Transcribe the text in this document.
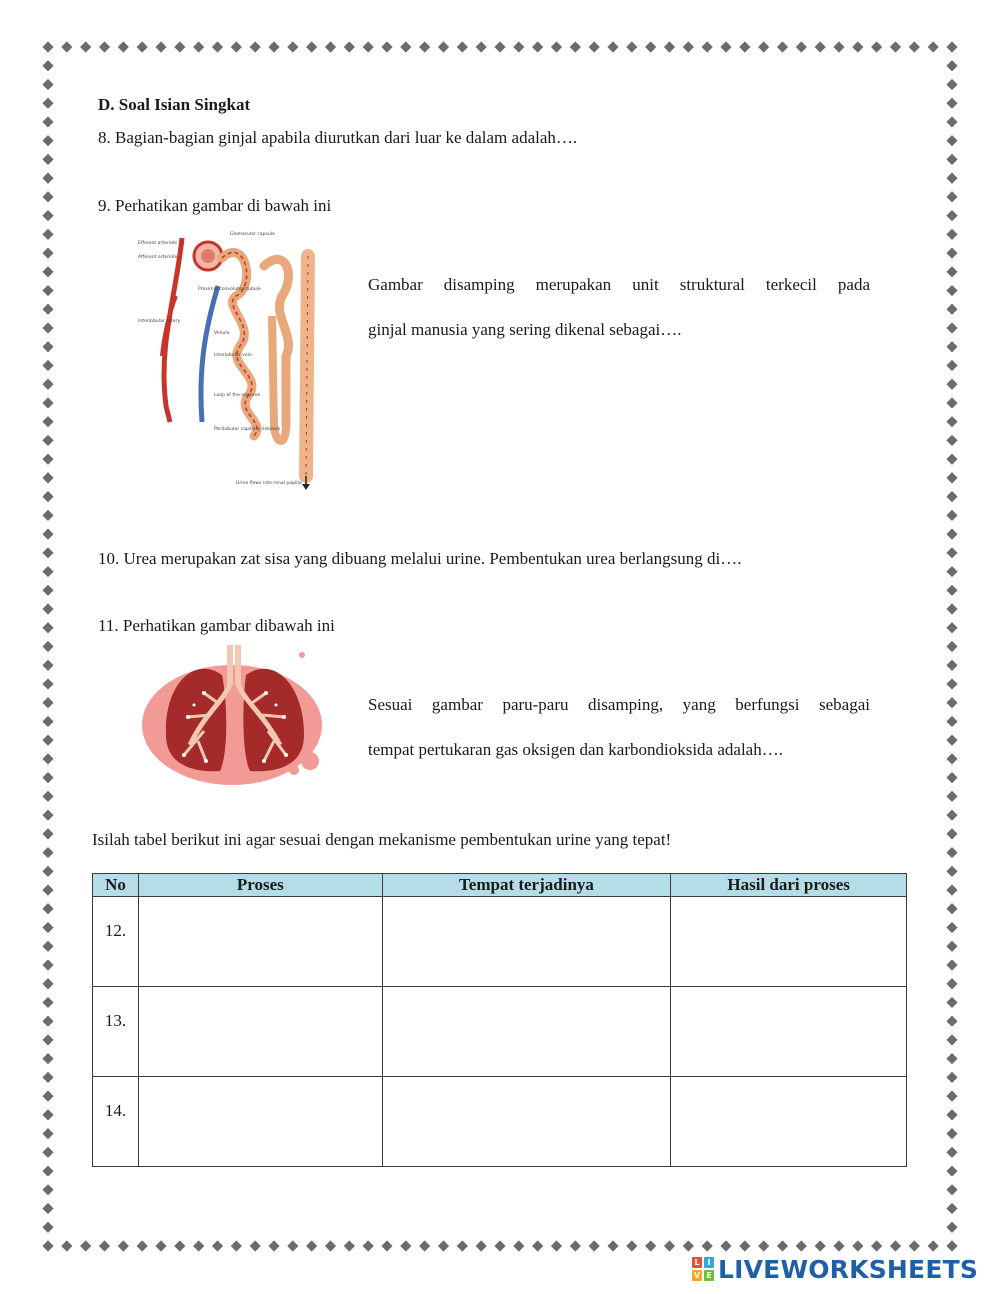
D. Soal Isian Singkat
8. Bagian-bagian ginjal apabila diurutkan dari luar ke dalam adalah….
9. Perhatikan gambar di bawah ini
Glomerular capsule
Efferent arteriole
Afferent arteriole
Proximal convoluted tubule
Interlobular artery
Venule
Interlobular vein
Loop of the nephron
Peritubular capillary network
Urine flows into renal papilla
Gambar disamping merupakan unit struktural terkecil pada
ginjal manusia yang sering dikenal sebagai….
10. Urea merupakan zat sisa yang dibuang melalui urine. Pembentukan urea berlangsung di….
11. Perhatikan gambar dibawah ini
Sesuai gambar paru-paru disamping, yang berfungsi sebagai
tempat pertukaran gas oksigen dan karbondioksida adalah….
Isilah tabel berikut ini agar sesuai dengan mekanisme pembentukan urine yang tepat!
No	Proses	Tempat terjadinya	Hasil dari proses
12.			
13.			
14.			
L I
V E LIVEWORKSHEETS
